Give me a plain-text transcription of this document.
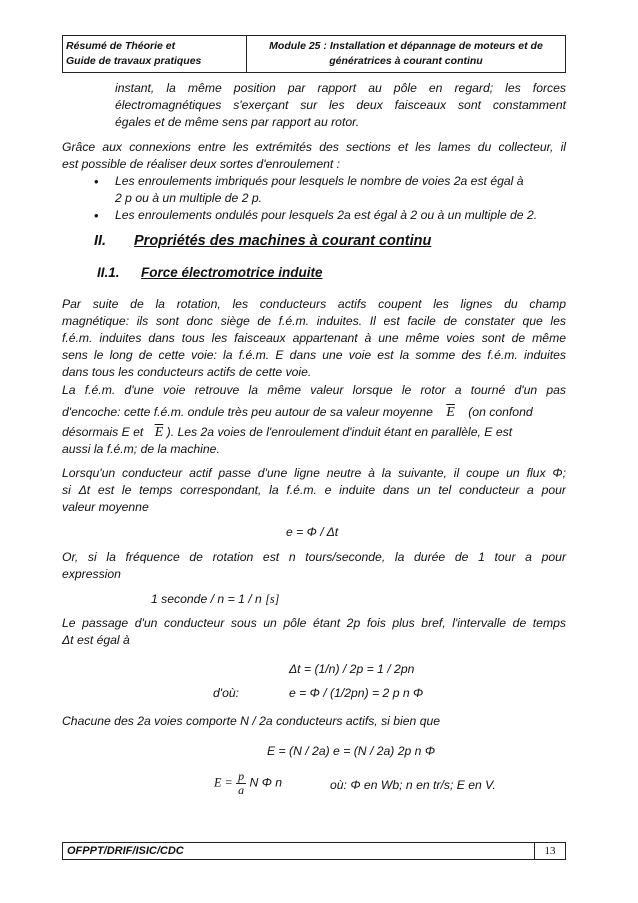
Résumé de Théorie et
Guide de travaux pratiques
Module 25 : Installation et dépannage de moteurs et de
génératrices à courant continu
instant, la même position par rapport au pôle en regard; les forces
électromagnétiques s'exerçant sur les deux faisceaux sont constamment
égales et de même sens par rapport au rotor.
Grâce aux connexions entre les extrémités des sections et les lames du collecteur, il
est possible de réaliser deux sortes d'enroulement :
• Les enroulements imbriqués pour lesquels le nombre de voies 2a est égal à
2 p ou à un multiple de 2 p.
• Les enroulements ondulés pour lesquels 2a est égal à 2 ou à un multiple de 2.
II. Propriétés des machines à courant continu
II.1. Force électromotrice induite
Par suite de la rotation, les conducteurs actifs coupent les lignes du champ
magnétique: ils sont donc siège de f.é.m. induites. Il est facile de constater que les
f.é.m. induites dans tous les faisceaux appartenant à une même voies sont de même
sens le long de cette voie: la f.é.m. E dans une voie est la somme des f.é.m. induites
dans tous les conducteurs actifs de cette voie.
La f.é.m. d'une voie retrouve la même valeur lorsque le rotor a tourné d'un pas
d'encoche: cette f.é.m. ondule très peu autour de sa valeur moyenne $\overline{E}$ (on confond
désormais E et $\overline{E}$ ). Les 2a voies de l'enroulement d'induit étant en parallèle, E est
aussi la f.é.m; de la machine.
Lorsqu'un conducteur actif passe d'une ligne neutre à la suivante, il coupe un flux Φ;
si Δt est le temps correspondant, la f.é.m. e induite dans un tel conducteur a pour
valeur moyenne
e = Φ / Δt
Or, si la fréquence de rotation est n tours/seconde, la durée de 1 tour a pour
expression
1 seconde / n = 1 / n [s]
Le passage d'un conducteur sous un pôle étant 2p fois plus bref, l'intervalle de temps
Δt est égal à
Δt = (1/n) / 2p = 1 / 2pn
d'où:	e = Φ / (1/2pn) = 2 p n Φ
Chacune des 2a voies comporte N / 2a conducteurs actifs, si bien que
E = (N / 2a) e = (N / 2a) 2p n Φ
$E = \frac{p}{a}$ N Φ n	où: Φ en Wb; n en tr/s; E en V.
OFPPT/DRIF/ISIC/CDC	13
